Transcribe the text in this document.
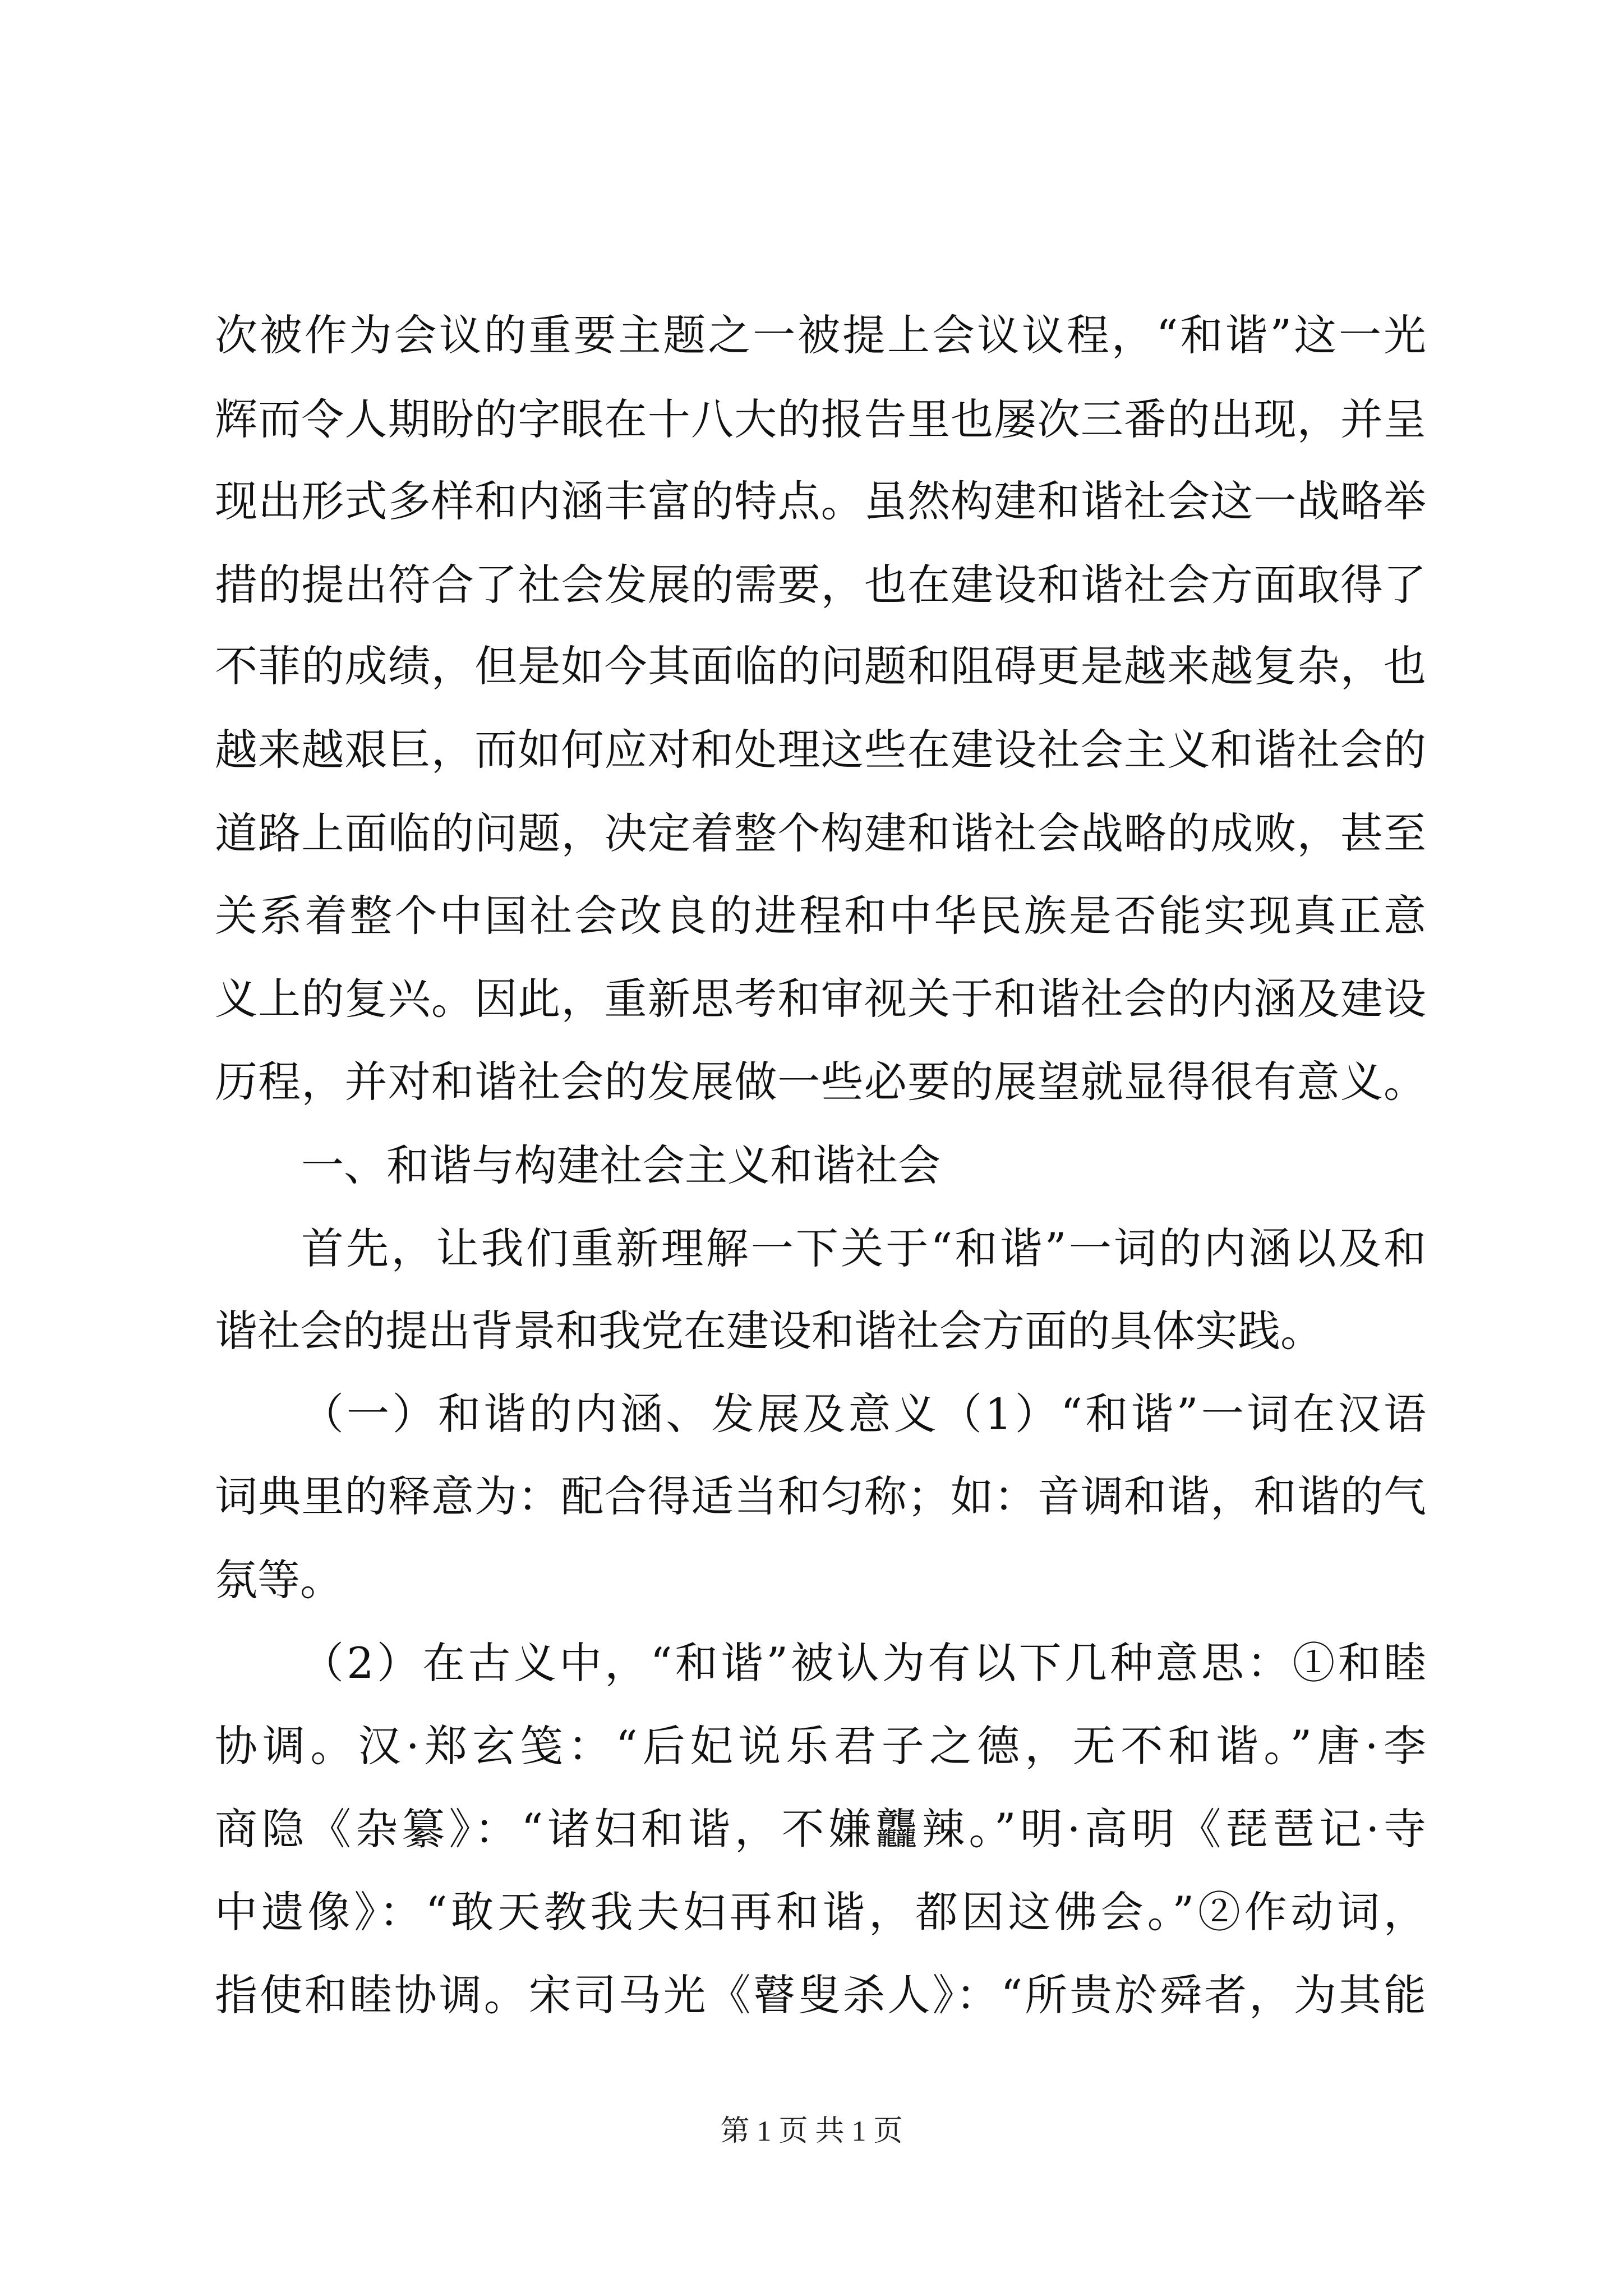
次被作为会议的重要主题之一被提上会议议程，“和谐”这一光
辉而令人期盼的字眼在十八大的报告里也屡次三番的出现，并呈
现出形式多样和内涵丰富的特点。虽然构建和谐社会这一战略举
措的提出符合了社会发展的需要，也在建设和谐社会方面取得了
不菲的成绩，但是如今其面临的问题和阻碍更是越来越复杂，也
越来越艰巨，而如何应对和处理这些在建设社会主义和谐社会的
道路上面临的问题，决定着整个构建和谐社会战略的成败，甚至
关系着整个中国社会改良的进程和中华民族是否能实现真正意
义上的复兴。因此，重新思考和审视关于和谐社会的内涵及建设
历程，并对和谐社会的发展做一些必要的展望就显得很有意义。
一、和谐与构建社会主义和谐社会
首先，让我们重新理解一下关于“和谐”一词的内涵以及和
谐社会的提出背景和我党在建设和谐社会方面的具体实践。
（一）和谐的内涵、发展及意义（1）“和谐”一词在汉语
词典里的释意为：配合得适当和匀称；如：音调和谐，和谐的气
氛等。
（2）在古义中，“和谐”被认为有以下几种意思：①和睦
协调。汉·郑玄笺：“后妃说乐君子之德，无不和谐。”唐·李
商隐《杂纂》：“诸妇和谐，不嫌龘辣。”明·高明《琵琶记·寺
中遗像》：“敢天教我夫妇再和谐，都因这佛会。”②作动词，
指使和睦协调。宋司马光《瞽叟杀人》：“所贵於舜者，为其能
第 1 页 共 1 页
